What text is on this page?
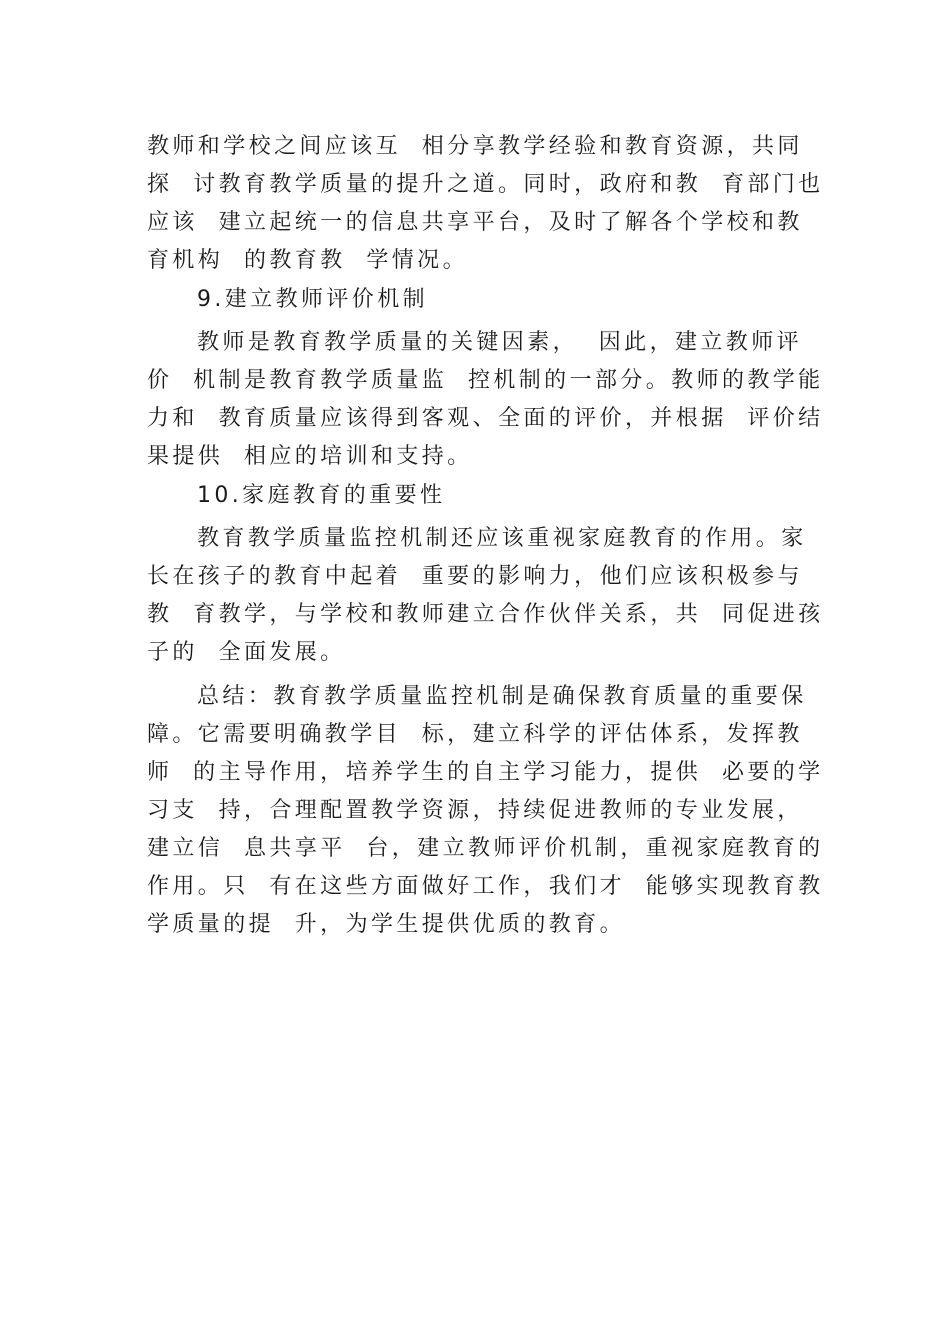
教师和学校之间应该互  相分享教学经验和教育资源，共同

探  讨教育教学质量的提升之道。同时，政府和教  育部门也

应该  建立起统一的信息共享平台，及时了解各个学校和教

育机构  的教育教  学情况。

9.建立教师评价机制

教师是教育教学质量的关键因素，  因此，建立教师评

价  机制是教育教学质量监  控机制的一部分。教师的教学能

力和  教育质量应该得到客观、全面的评价，并根据  评价结

果提供  相应的培训和支持。

10.家庭教育的重要性

教育教学质量监控机制还应该重视家庭教育的作用。家

长在孩子的教育中起着  重要的影响力，他们应该积极参与

教  育教学，与学校和教师建立合作伙伴关系，共  同促进孩

子的  全面发展。

总结：教育教学质量监控机制是确保教育质量的重要保

障。它需要明确教学目  标，建立科学的评估体系，发挥教

师  的主导作用，培养学生的自主学习能力，提供  必要的学

习支  持，合理配置教学资源，持续促进教师的专业发展，

建立信  息共享平  台，建立教师评价机制，重视家庭教育的

作用。只  有在这些方面做好工作，我们才  能够实现教育教

学质量的提  升，为学生提供优质的教育。
